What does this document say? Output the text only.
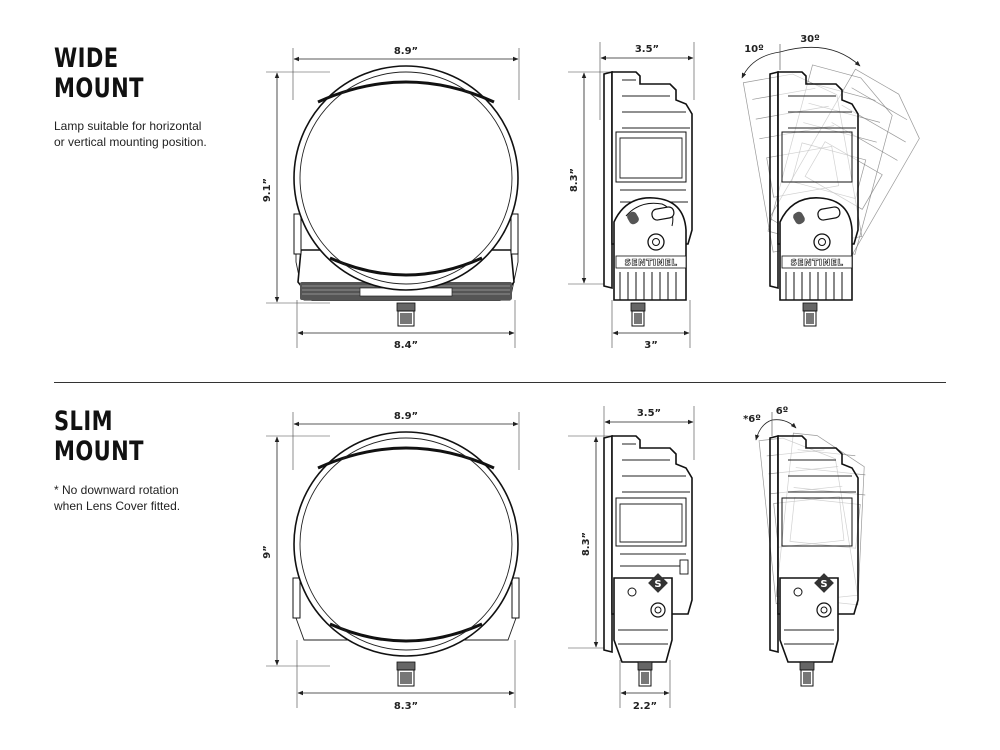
WIDE
MOUNT
Lamp suitable for horizontal
or vertical mounting position.
SLIM
MOUNT
* No downward rotation
when Lens Cover fitted.
8.9”
9.1”
8.4”
SENTINEL
3.5”
8.3”
3”
SENTINEL
10º
30º
8.9”
9”
8.3”
S
3.5”
8.3”
2.2”
S
*6º
6º
